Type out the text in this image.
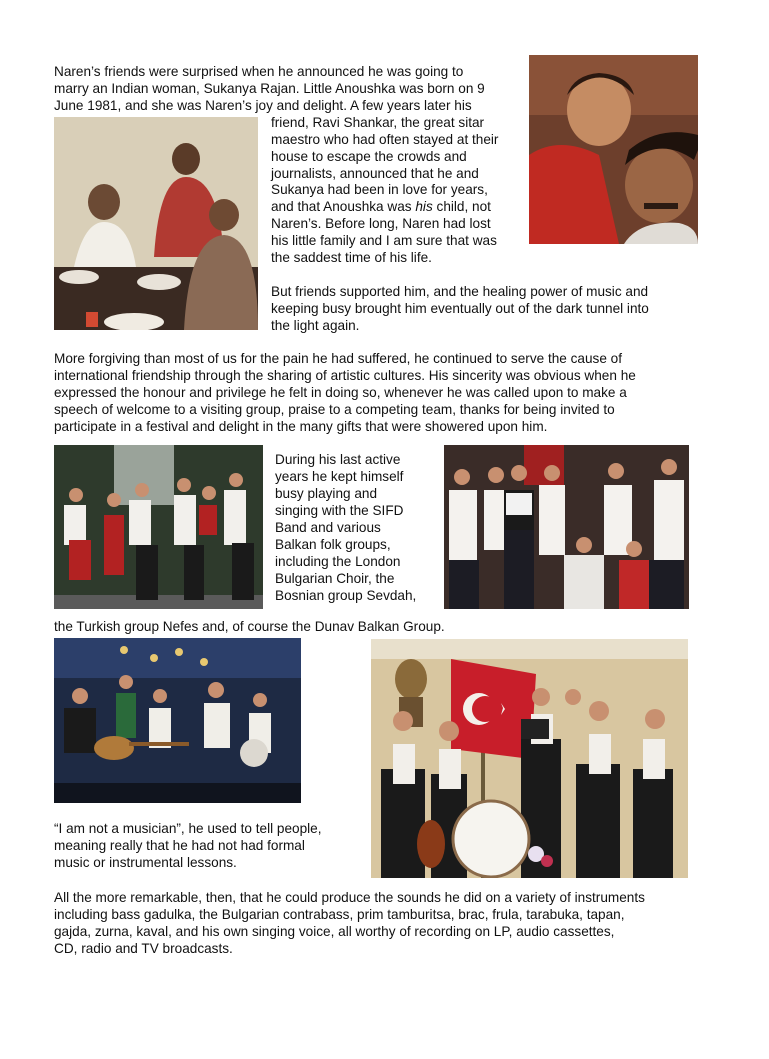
Naren’s friends were surprised when he announced he was going to

marry an Indian woman, Sukanya Rajan. Little Anoushka was born on 9

June 1981, and she was Naren’s joy and delight. A few years later his

friend, Ravi Shankar, the great sitar

maestro who had often stayed at their

house to escape the crowds and

journalists, announced that he and

Sukanya had been in love for years,

and that Anoushka was his child, not

Naren’s. Before long, Naren had lost

his little family and I am sure that was

the saddest time of his life.

But friends supported him, and the healing power of music and

keeping busy brought him eventually out of the dark tunnel into

the light again.

More forgiving than most of us for the pain he had suffered, he continued to serve the cause of

international friendship through the sharing of artistic cultures. His sincerity was obvious when he

expressed the honour and privilege he felt in doing so, whenever he was called upon to make a

speech of welcome to a visiting group, praise to a competing team, thanks for being invited to

participate in a festival and delight in the many gifts that were showered upon him.

During his last active

years he kept himself

busy playing and

singing with the SIFD

Band and various

Balkan folk groups,

including the London

Bulgarian Choir, the

Bosnian group Sevdah,

the Turkish group Nefes and, of course the Dunav Balkan Group.

“I am not a musician”, he used to tell people,

meaning really that he had not had formal

music or instrumental lessons.

All the more remarkable, then, that he could produce the sounds he did on a variety of instruments

including bass gadulka, the Bulgarian contrabass, prim tamburitsa, brac, frula, tarabuka, tapan,

gajda, zurna, kaval, and his own singing voice, all worthy of recording on LP, audio cassettes,

CD, radio and TV broadcasts.
